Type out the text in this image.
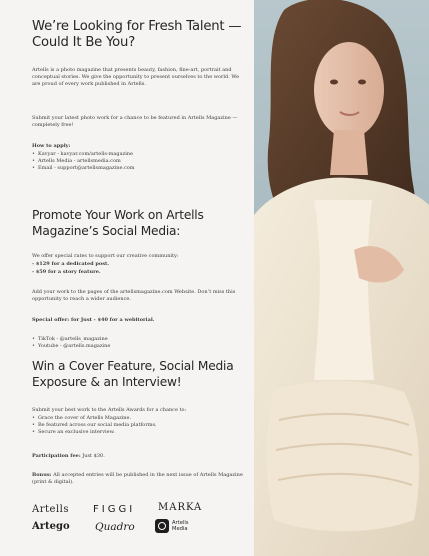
We’re Looking for Fresh Talent — Could It Be You?

Artells is a photo magazine that presents beauty, fashion, fine-art, portrait and conceptual stories. We give the opportunity to present ourselves to the world. We are proud of every work published in Artells.

Submit your latest photo work for a chance to be featured in Artells Magazine — completely free!

How to apply:

• Kavyar - kavyar.com/artells-magazine
• Artells Media - artellsmedia.com
• Email - support@artellsmagazine.com
Promote Your Work on Artells Magazine’s Social Media:

We offer special rates to support our creative community:

- $129 for a dedicated post.

- $59 for a story feature.

Add your work to the pages of the artellsmagazine.com Website. Don’t miss this opportunity to reach a wider audience.

Special offer: for Just - $40 for a webitorial.

• TikTok - @artells_magazine
• Youtube - @artells.magazine
Win a Cover Feature, Social Media Exposure & an Interview!

Submit your best work to the Artells Awards for a chance to:

• Grace the cover of Artells Magazine.
• Be featured across our social media platforms.
• Secure an exclusive interview.

Participation fee: Just $30.

Bonus: All accepted entries will be published in the next issue of Artells Magazine (print & digital).

Artells FIGGI MARKA
Artego Quadro	Artells
Media
